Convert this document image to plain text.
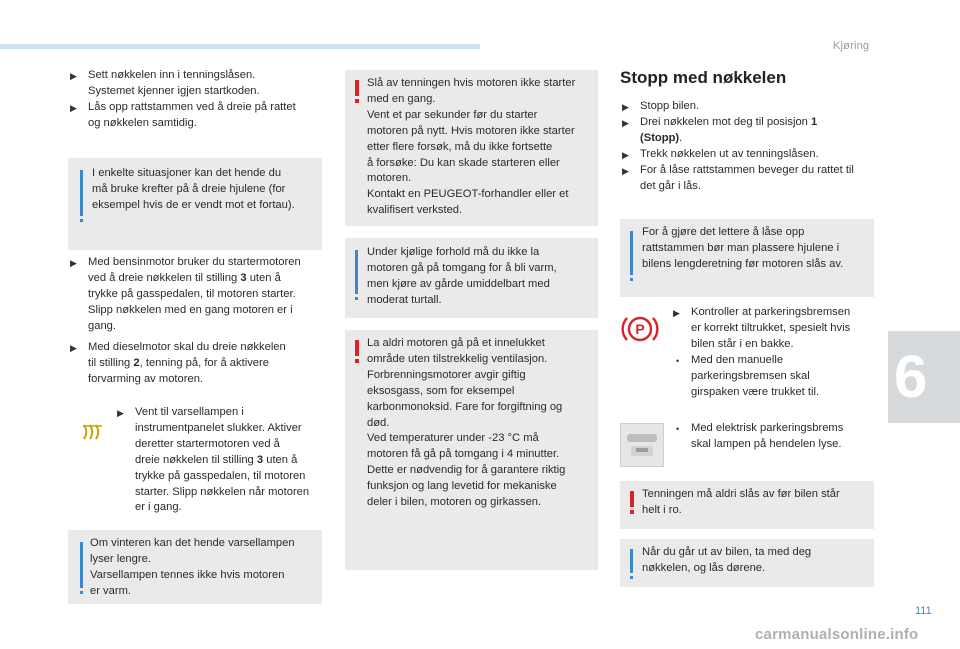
Kjøring
6
▶ Sett nøkkelen inn i tenningslåsen.
Systemet kjenner igjen startkoden.
▶ Lås opp rattstammen ved å dreie på rattet
og nøkkelen samtidig.
I enkelte situasjoner kan det hende du
må bruke krefter på å dreie hjulene (for
eksempel hvis de er vendt mot et fortau).
▶ Med bensinmotor bruker du startermotoren
ved å dreie nøkkelen til stilling 3 uten å
trykke på gasspedalen, til motoren starter.
Slipp nøkkelen med en gang motoren er i
gang.
▶ Med dieselmotor skal du dreie nøkkelen
til stilling 2, tenning på, for å aktivere
forvarming av motoren.
▶ Vent til varsellampen i
instrumentpanelet slukker. Aktiver
deretter startermotoren ved å
dreie nøkkelen til stilling 3 uten å
trykke på gasspedalen, til motoren
starter. Slipp nøkkelen når motoren
er i gang.
Om vinteren kan det hende varsellampen
lyser lengre.
Varsellampen tennes ikke hvis motoren
er varm.
Slå av tenningen hvis motoren ikke starter
med en gang.
Vent et par sekunder før du starter
motoren på nytt. Hvis motoren ikke starter
etter flere forsøk, må du ikke fortsette
å forsøke: Du kan skade starteren eller
motoren.
Kontakt en PEUGEOT-forhandler eller et
kvalifisert verksted.
Under kjølige forhold må du ikke la
motoren gå på tomgang for å bli varm,
men kjøre av gårde umiddelbart med
moderat turtall.
La aldri motoren gå på et innelukket
område uten tilstrekkelig ventilasjon.
Forbrenningsmotorer avgir giftig
eksosgass, som for eksempel
karbonmonoksid. Fare for forgiftning og
død.
Ved temperaturer under -23 °C må
motoren få gå på tomgang i 4 minutter.
Dette er nødvendig for å garantere riktig
funksjon og lang levetid for mekaniske
deler i bilen, motoren og girkassen.
Stopp med nøkkelen
▶ Stopp bilen.
▶ Drei nøkkelen mot deg til posisjon 1
(Stopp).
▶ Trekk nøkkelen ut av tenningslåsen.
▶ For å låse rattstammen beveger du rattet til
det går i lås.
For å gjøre det lettere å låse opp
rattstammen bør man plassere hjulene i
bilens lengderetning før motoren slås av.
P
▶ Kontroller at parkeringsbremsen
er korrekt tiltrukket, spesielt hvis
bilen står i en bakke.
•	Med den manuelle
parkeringsbremsen skal
girspaken være trukket til.
•	Med elektrisk parkeringsbrems
skal lampen på hendelen lyse.
Tenningen må aldri slås av før bilen står
helt i ro.
Når du går ut av bilen, ta med deg
nøkkelen, og lås dørene.
111
carmanualsonline.info
